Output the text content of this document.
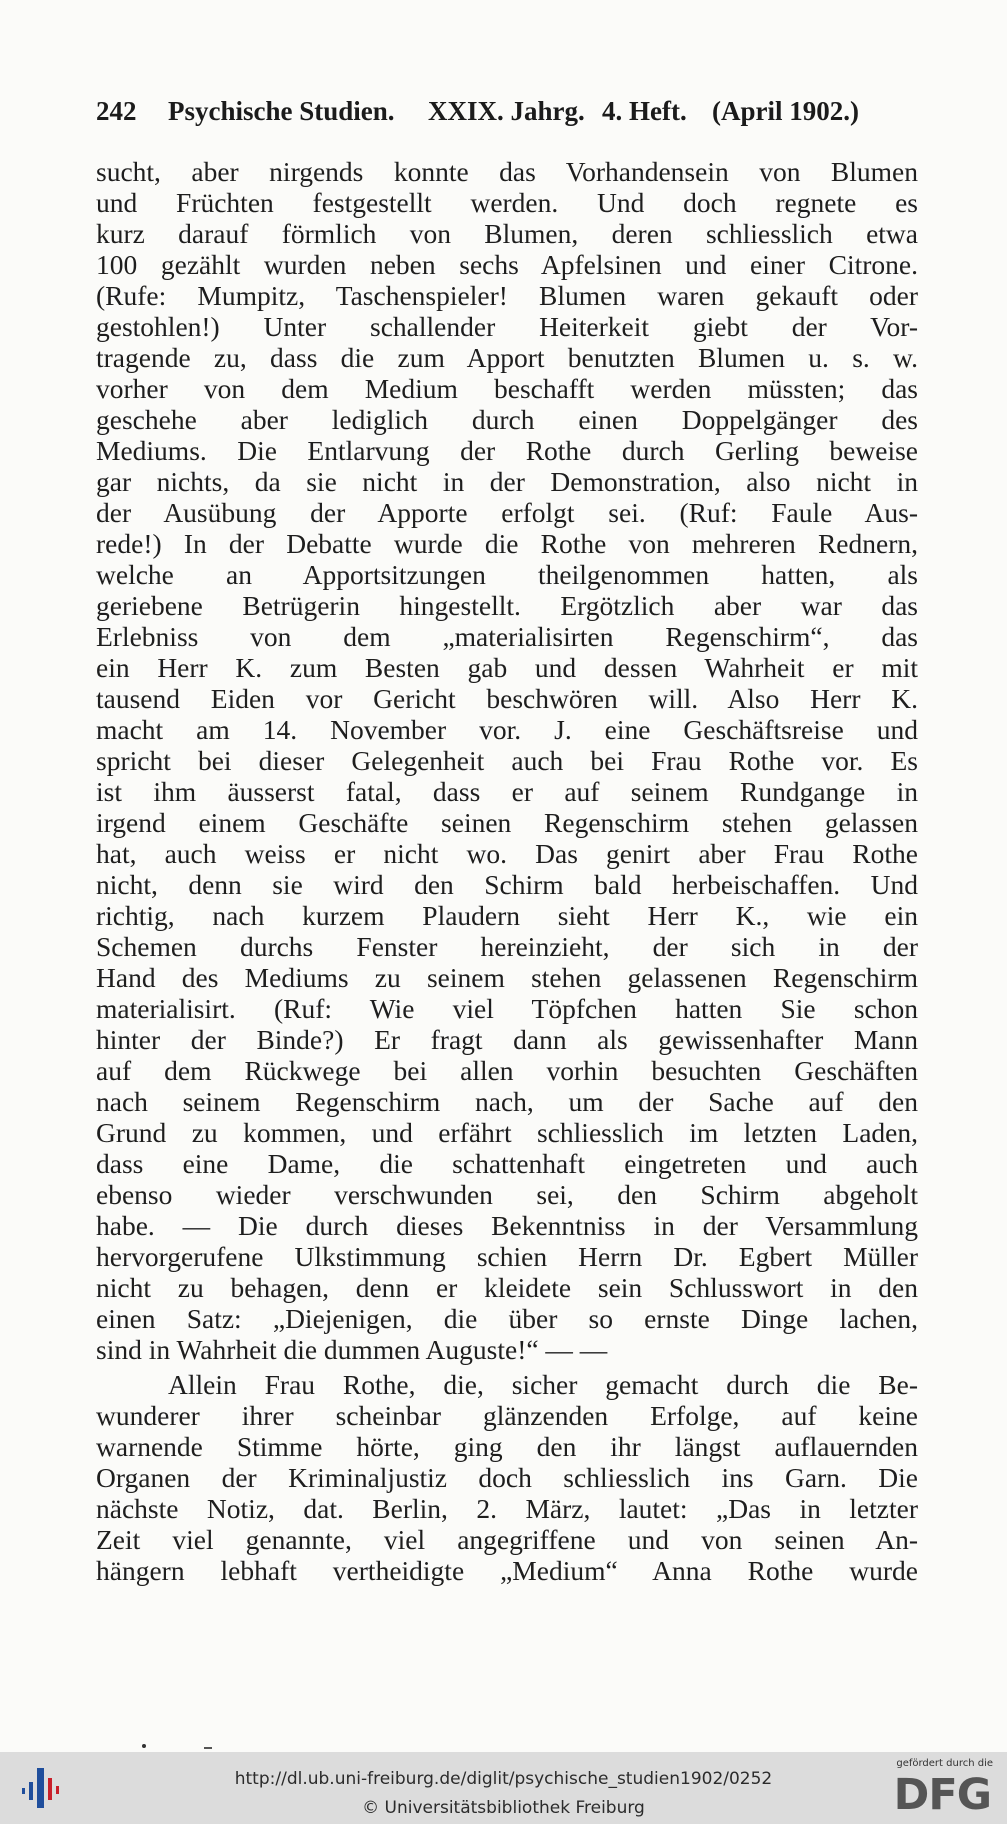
242 Psychische Studien. XXIX. Jahrg. 4. Heft. (April 1902.)
sucht, aber nirgends konnte das Vorhandensein von Blumen
und Früchten festgestellt werden. Und doch regnete es
kurz darauf förmlich von Blumen, deren schliesslich etwa
100 gezählt wurden neben sechs Apfelsinen und einer Citrone.
(Rufe: Mumpitz, Taschenspieler! Blumen waren gekauft oder
gestohlen!) Unter schallender Heiterkeit giebt der Vor-
tragende zu, dass die zum Apport benutzten Blumen u. s. w.
vorher von dem Medium beschafft werden müssten; das
geschehe aber lediglich durch einen Doppelgänger des
Mediums. Die Entlarvung der Rothe durch Gerling beweise
gar nichts, da sie nicht in der Demonstration, also nicht in
der Ausübung der Apporte erfolgt sei. (Ruf: Faule Aus-
rede!) In der Debatte wurde die Rothe von mehreren Rednern,
welche an Apportsitzungen theilgenommen hatten, als
geriebene Betrügerin hingestellt. Ergötzlich aber war das
Erlebniss von dem „materialisirten Regenschirm“, das
ein Herr K. zum Besten gab und dessen Wahrheit er mit
tausend Eiden vor Gericht beschwören will. Also Herr K.
macht am 14. November vor. J. eine Geschäftsreise und
spricht bei dieser Gelegenheit auch bei Frau Rothe vor. Es
ist ihm äusserst fatal, dass er auf seinem Rundgange in
irgend einem Geschäfte seinen Regenschirm stehen gelassen
hat, auch weiss er nicht wo. Das genirt aber Frau Rothe
nicht, denn sie wird den Schirm bald herbeischaffen. Und
richtig, nach kurzem Plaudern sieht Herr K., wie ein
Schemen durchs Fenster hereinzieht, der sich in der
Hand des Mediums zu seinem stehen gelassenen Regenschirm
materialisirt. (Ruf: Wie viel Töpfchen hatten Sie schon
hinter der Binde?) Er fragt dann als gewissenhafter Mann
auf dem Rückwege bei allen vorhin besuchten Geschäften
nach seinem Regenschirm nach, um der Sache auf den
Grund zu kommen, und erfährt schliesslich im letzten Laden,
dass eine Dame, die schattenhaft eingetreten und auch
ebenso wieder verschwunden sei, den Schirm abgeholt
habe. — Die durch dieses Bekenntniss in der Versammlung
hervorgerufene Ulkstimmung schien Herrn Dr. Egbert Müller
nicht zu behagen, denn er kleidete sein Schlusswort in den
einen Satz: „Diejenigen, die über so ernste Dinge lachen,
sind in Wahrheit die dummen Auguste!“ — —
Allein Frau Rothe, die, sicher gemacht durch die Be-
wunderer ihrer scheinbar glänzenden Erfolge, auf keine
warnende Stimme hörte, ging den ihr längst auflauernden
Organen der Kriminaljustiz doch schliesslich ins Garn. Die
nächste Notiz, dat. Berlin, 2. März, lautet: „Das in letzter
Zeit viel genannte, viel angegriffene und von seinen An-
hängern lebhaft vertheidigte „Medium“ Anna Rothe wurde
http://dl.ub.uni-freiburg.de/diglit/psychische_studien1902/0252
© Universitätsbibliothek Freiburg
gefördert durch die
DFG
